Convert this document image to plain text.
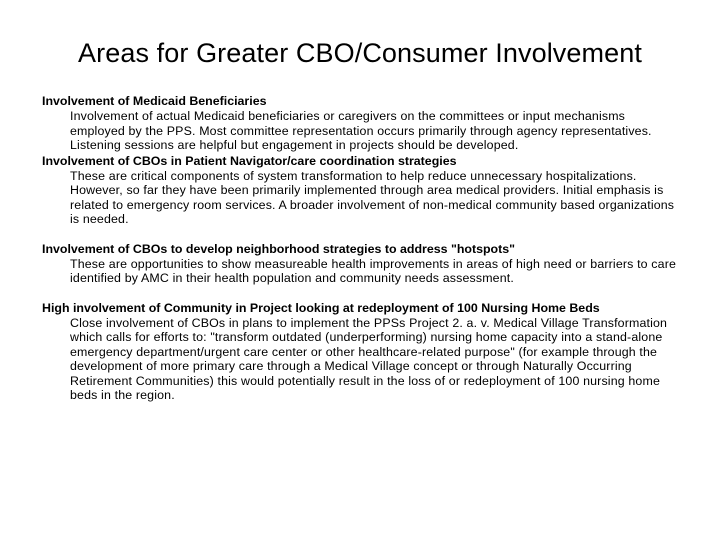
Areas for Greater CBO/Consumer Involvement
Involvement of Medicaid Beneficiaries
Involvement of actual Medicaid beneficiaries or caregivers on the committees or input mechanisms employed by the PPS. Most committee representation occurs primarily through agency representatives. Listening sessions are helpful but engagement in projects should be developed.
Involvement of CBOs in Patient Navigator/care coordination strategies
These are critical components of system transformation to help reduce unnecessary hospitalizations. However, so far they have been primarily implemented through area medical providers. Initial emphasis is related to emergency room services. A broader involvement of non-medical community based organizations is needed.
Involvement of CBOs to develop neighborhood strategies to address "hotspots"
These are opportunities to show measureable health improvements in areas of high need or barriers to care identified by AMC in their health population and community needs assessment.
High involvement of Community in Project looking at redeployment of 100 Nursing Home Beds
Close involvement of CBOs in plans to implement the PPSs Project 2. a. v. Medical Village Transformation which calls for efforts to: "transform outdated (underperforming) nursing home capacity into a stand-alone emergency department/urgent care center or other healthcare-related purpose" (for example through the development of more primary care through a Medical Village concept or through Naturally Occurring Retirement Communities) this would potentially result in the loss of or redeployment of 100 nursing home beds in the region.
